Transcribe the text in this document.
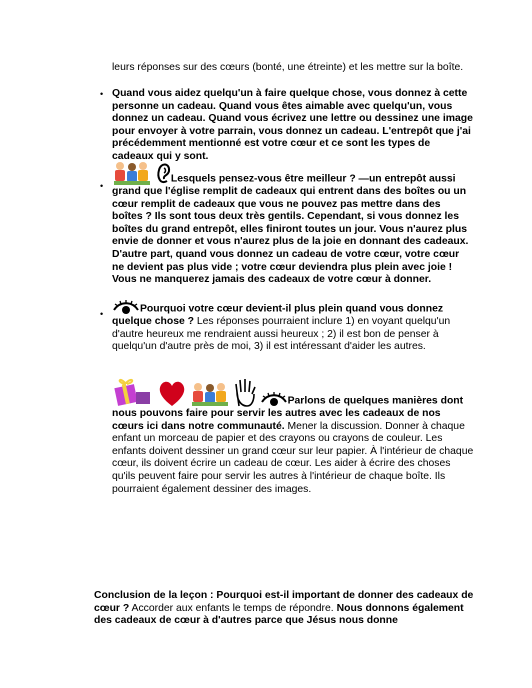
leurs réponses sur des cœurs (bonté, une étreinte) et les mettre sur la boîte.
• Quand vous aidez quelqu'un à faire quelque chose, vous donnez à cette personne un cadeau. Quand vous êtes aimable avec quelqu'un, vous donnez un cadeau. Quand vous écrivez une lettre ou dessinez une image pour envoyer à votre parrain, vous donnez un cadeau. L'entrepôt que j'ai précédemment mentionné est votre cœur et ce sont les types de cadeaux qui y sont.
•
Lesquels pensez-vous être meilleur ? —un entrepôt aussi grand que l'église remplit de cadeaux qui entrent dans des boîtes ou un cœur remplit de cadeaux que vous ne pouvez pas mettre dans des boîtes ? Ils sont tous deux très gentils. Cependant, si vous donnez les boîtes du grand entrepôt, elles finiront toutes un jour. Vous n'aurez plus envie de donner et vous n'aurez plus de la joie en donnant des cadeaux. D'autre part, quand vous donnez un cadeau de votre cœur, votre cœur ne devient pas plus vide ; votre cœur deviendra plus plein avec joie ! Vous ne manquerez jamais des cadeaux de votre cœur à donner.
•	Pourquoi votre cœur devient-il plus plein quand vous donnez quelque chose ? Les réponses pourraient inclure 1) en voyant quelqu'un d'autre heureux me rendraient aussi heureux ; 2) il est bon de penser à quelqu'un d'autre près de moi, 3) il est intéressant d'aider les autres.
Parlons de quelques manières dont nous pouvons faire pour servir les autres avec les cadeaux de nos cœurs ici dans notre communauté. Mener la discussion. Donner à chaque enfant un morceau de papier et des crayons ou crayons de couleur. Les enfants doivent dessiner un grand cœur sur leur papier. À l'intérieur de chaque cœur, ils doivent écrire un cadeau de cœur. Les aider à écrire des choses qu'ils peuvent faire pour servir les autres à l'intérieur de chaque boîte. Ils pourraient également dessiner des images.
Conclusion de la leçon : Pourquoi est-il important de donner des cadeaux de cœur ? Accorder aux enfants le temps de répondre. Nous donnons également des cadeaux de cœur à d'autres parce que Jésus nous donne
